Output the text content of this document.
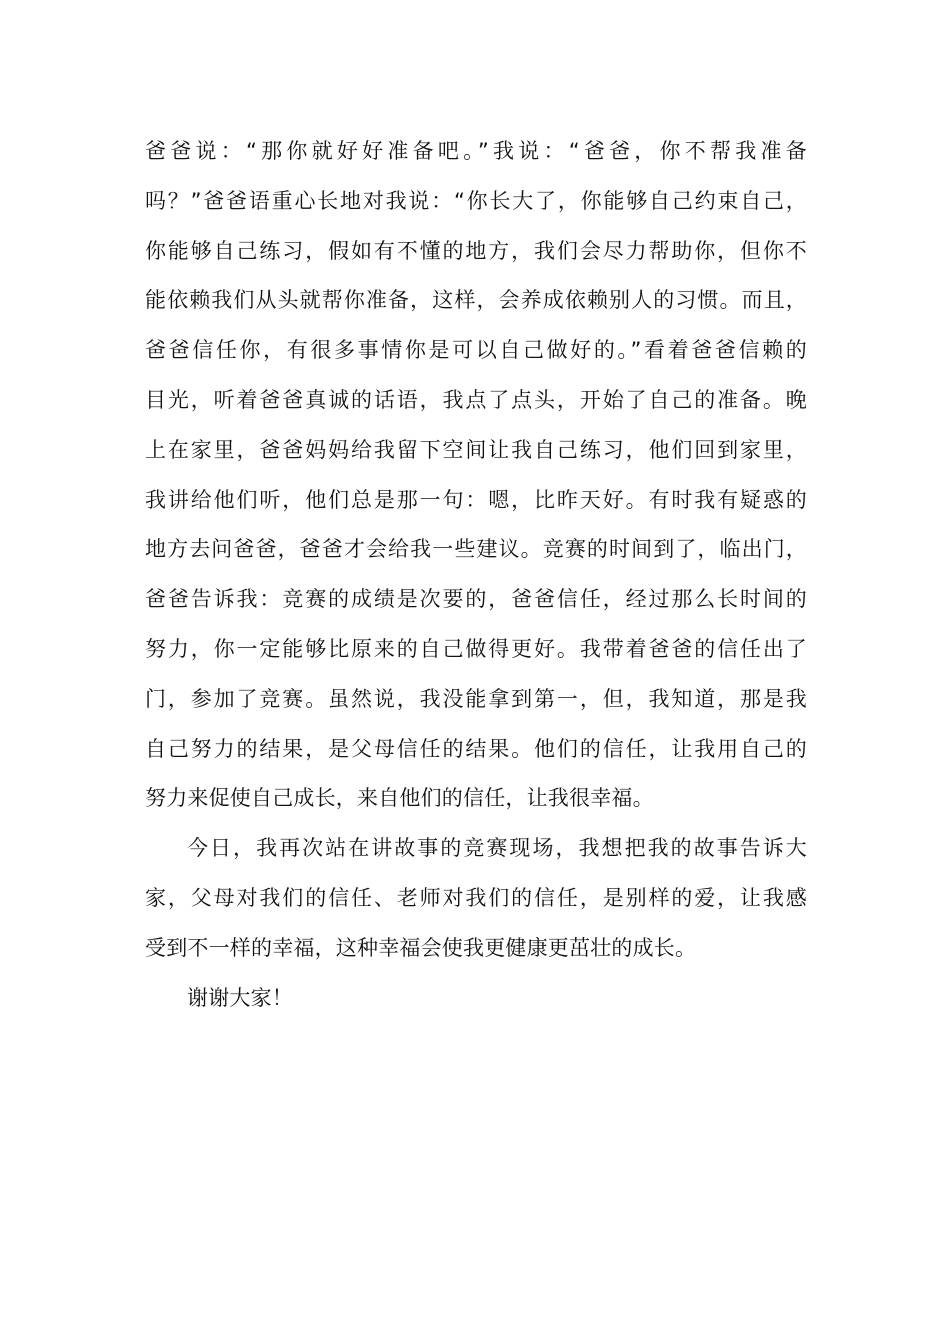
爸爸说：“那你就好好准备吧。”我说：“爸爸，你不帮我准备
吗？”爸爸语重心长地对我说：“你长大了，你能够自己约束自己，
你能够自己练习，假如有不懂的地方，我们会尽力帮助你，但你不
能依赖我们从头就帮你准备，这样，会养成依赖别人的习惯。而且，
爸爸信任你，有很多事情你是可以自己做好的。”看着爸爸信赖的
目光，听着爸爸真诚的话语，我点了点头，开始了自己的准备。晚
上在家里，爸爸妈妈给我留下空间让我自己练习，他们回到家里，
我讲给他们听，他们总是那一句：嗯，比昨天好。有时我有疑惑的
地方去问爸爸，爸爸才会给我一些建议。竞赛的时间到了，临出门，
爸爸告诉我：竞赛的成绩是次要的，爸爸信任，经过那么长时间的
努力，你一定能够比原来的自己做得更好。我带着爸爸的信任出了
门，参加了竞赛。虽然说，我没能拿到第一，但，我知道，那是我
自己努力的结果，是父母信任的结果。他们的信任，让我用自己的
努力来促使自己成长，来自他们的信任，让我很幸福。
今日，我再次站在讲故事的竞赛现场，我想把我的故事告诉大
家，父母对我们的信任、老师对我们的信任，是别样的爱，让我感
受到不一样的幸福，这种幸福会使我更健康更茁壮的成长。
谢谢大家！
